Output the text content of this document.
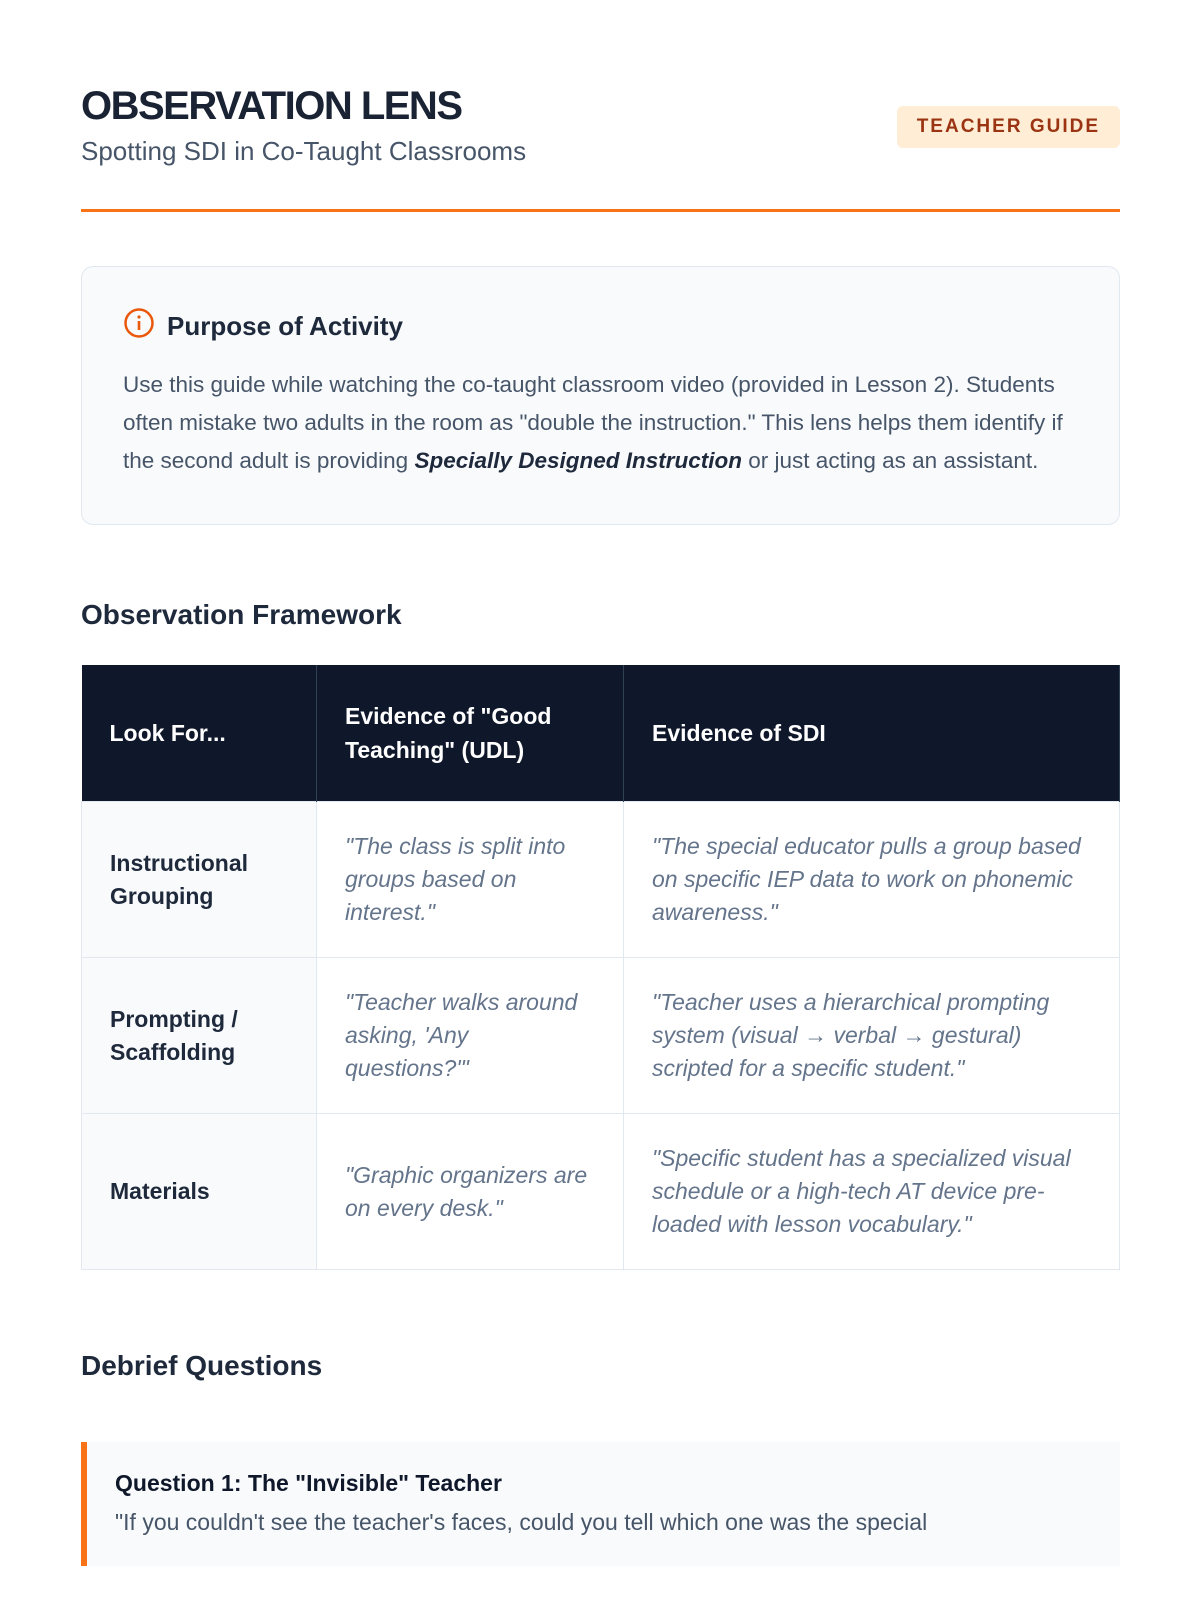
OBSERVATION LENS
Spotting SDI in Co-Taught Classrooms
TEACHER GUIDE
Purpose of Activity
Use this guide while watching the co-taught classroom video (provided in Lesson 2). Students often mistake two adults in the room as "double the instruction." This lens helps them identify if the second adult is providing Specially Designed Instruction or just acting as an assistant.
Observation Framework
Look For...	Evidence of "Good Teaching" (UDL)	Evidence of SDI
Instructional Grouping	"The class is split into groups based on interest."	"The special educator pulls a group based on specific IEP data to work on phonemic awareness."
Prompting / Scaffolding	"Teacher walks around asking, 'Any questions?'"	"Teacher uses a hierarchical prompting system (visual → verbal → gestural) scripted for a specific student."
Materials	"Graphic organizers are on every desk."	"Specific student has a specialized visual schedule or a high-tech AT device pre-loaded with lesson vocabulary."
Debrief Questions
Question 1: The "Invisible" Teacher
"If you couldn't see the teacher's faces, could you tell which one was the special
